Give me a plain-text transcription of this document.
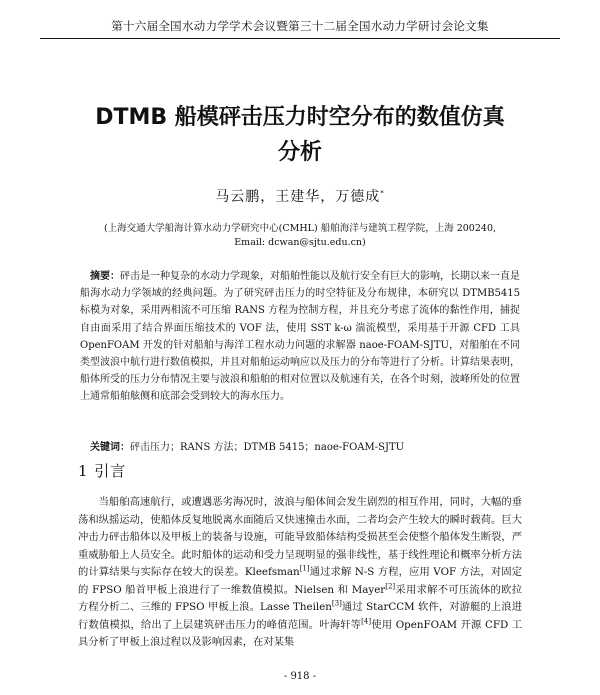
第十六届全国水动力学学术会议暨第三十二届全国水动力学研讨会论文集
DTMB 船模砰击压力时空分布的数值仿真
分析
马云鹏，王建华，万德成*
(上海交通大学船海计算水动力学研究中心(CMHL) 船舶海洋与建筑工程学院，上海 200240,
Email: dcwan@sjtu.edu.cn)
摘要：砰击是一种复杂的水动力学现象，对船舶性能以及航行安全有巨大的影响，长期以来一直是船海水动力学领域的经典问题。为了研究砰击压力的时空特征及分布规律，本研究以 DTMB5415 标模为对象，采用两相流不可压缩 RANS 方程为控制方程，并且充分考虑了流体的黏性作用，捕捉自由面采用了结合界面压缩技术的 VOF 法，使用 SST k-ω 湍流模型，采用基于开源 CFD 工具 OpenFOAM 开发的针对船舶与海洋工程水动力问题的求解器 naoe-FOAM-SJTU，对船舶在不同类型波浪中航行进行数值模拟，并且对船舶运动响应以及压力的分布等进行了分析。计算结果表明，船体所受的压力分布情况主要与波浪和船舶的相对位置以及航速有关，在各个时刻，波峰所处的位置上通常船舶舷侧和底部会受到较大的海水压力。
关键词：砰击压力；RANS 方法；DTMB 5415；naoe-FOAM-SJTU
1 引言
当船舶高速航行，或遭遇恶劣海况时，波浪与船体间会发生剧烈的相互作用，同时，大幅的垂荡和纵摇运动，使船体反复地脱离水面随后又快速撞击水面，二者均会产生较大的瞬时载荷。巨大冲击力砰击船体以及甲板上的装备与设施，可能导致船体结构受损甚至会使整个船体发生断裂，严重威胁船上人员安全。此时船体的运动和受力呈现明显的强非线性，基于线性理论和概率分析方法的计算结果与实际存在较大的误差。Kleefsman[1]通过求解 N-S 方程，应用 VOF 方法，对固定的 FPSO 船首甲板上浪进行了一维数值模拟。Nielsen 和 Mayer[2]采用求解不可压流体的欧拉方程分析二、三维的 FPSO 甲板上浪。Lasse Theilen[3]通过 StarCCM 软件，对游艇的上浪进行数值模拟，给出了上层建筑砰击压力的峰值范围。叶海轩等[4]使用 OpenFOAM 开源 CFD 工具分析了甲板上浪过程以及影响因素，在对某集
- 918 -
